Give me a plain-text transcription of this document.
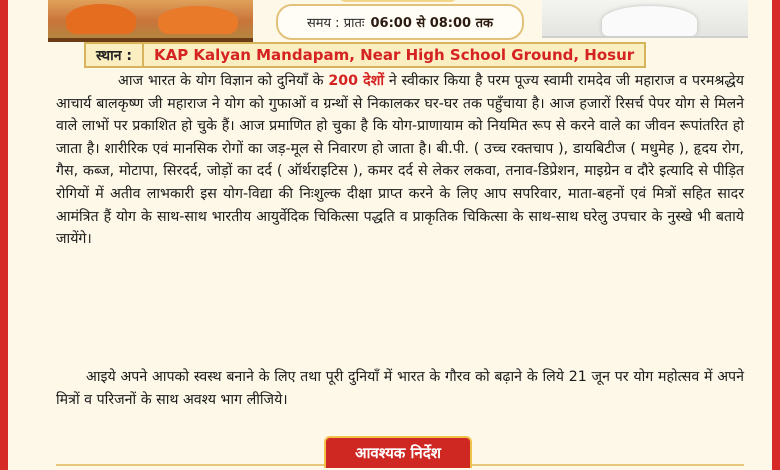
समय : प्रातः 06:00 से 08:00 तक
स्थान :	KAP Kalyan Mandapam, Near High School Ground, Hosur

आज भारत के योग विज्ञान को दुनियाँ के 200 देशों ने स्वीकार किया है परम पूज्य स्वामी रामदेव जी महाराज व परमश्रद्धेय आचार्य बालकृष्ण जी महाराज ने योग को गुफाओं व ग्रन्थों से निकालकर घर-घर तक पहुँचाया है। आज हजारों रिसर्च पेपर योग से मिलने वाले लाभों पर प्रकाशित हो चुके हैं। आज प्रमाणित हो चुका है कि योग-प्राणायाम को नियमित रूप से करने वाले का जीवन रूपांतरित हो जाता है। शारीरिक एवं मानसिक रोगों का जड़-मूल से निवारण हो जाता है। बी.पी. ( उच्च रक्तचाप ), डायबिटीज ( मधुमेह ), हृदय रोग, गैस, कब्ज, मोटापा, सिरदर्द, जोड़ों का दर्द ( ऑर्थराइटिस ), कमर दर्द से लेकर लकवा, तनाव-डिप्रेशन, माइग्रेन व दौरे इत्यादि से पीड़ित रोगियों में अतीव लाभकारी इस योग-विद्या की निःशुल्क दीक्षा प्राप्त करने के लिए आप सपरिवार, माता-बहनों एवं मित्रों सहित सादर आमंत्रित हैं योग के साथ-साथ भारतीय आयुर्वेदिक चिकित्सा पद्धति व प्राकृतिक चिकित्सा के साथ-साथ घरेलु उपचार के नुस्खे भी बताये जायेंगे।

आइये अपने आपको स्वस्थ बनाने के लिए तथा पूरी दुनियाँ में भारत के गौरव को बढ़ाने के लिये 21 जून पर योग महोत्सव में अपने मित्रों व परिजनों के साथ अवश्य भाग लीजिये।

आवश्यक निर्देश
